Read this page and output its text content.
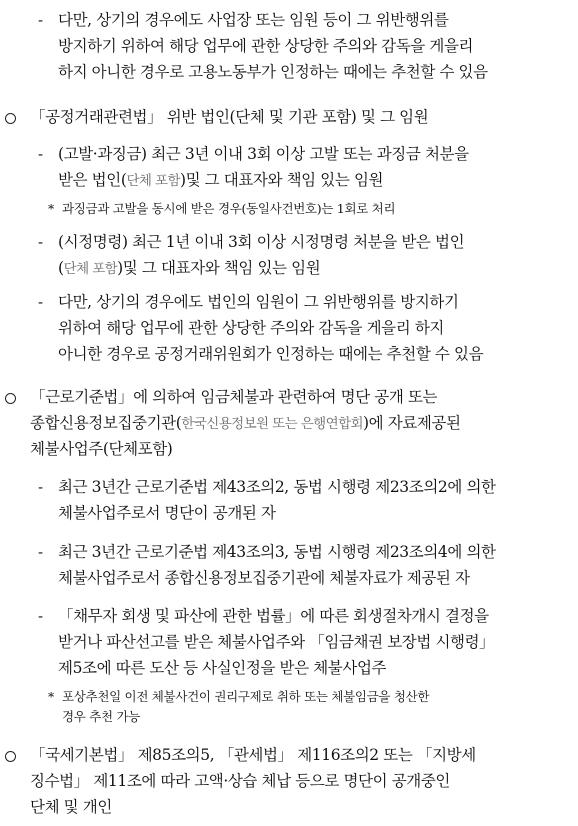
- 다만, 상기의 경우에도 사업장 또는 임원 등이 그 위반행위를
방지하기 위하여 해당 업무에 관한 상당한 주의와 감독을 게을리
하지 아니한 경우로 고용노동부가 인정하는 때에는 추천할 수 있음
「공정거래관련법」 위반 법인(단체 및 기관 포함) 및 그 임원
- (고발·과징금) 최근 3년 이내 3회 이상 고발 또는 과징금 처분을
받은 법인(단체 포함)및 그 대표자와 책임 있는 임원
* 과징금과 고발을 동시에 받은 경우(동일사건번호)는 1회로 처리
- (시정명령) 최근 1년 이내 3회 이상 시정명령 처분을 받은 법인
(단체 포함)및 그 대표자와 책임 있는 임원
- 다만, 상기의 경우에도 법인의 임원이 그 위반행위를 방지하기
위하여 해당 업무에 관한 상당한 주의와 감독을 게을리 하지
아니한 경우로 공정거래위원회가 인정하는 때에는 추천할 수 있음
「근로기준법」에 의하여 임금체불과 관련하여 명단 공개 또는
종합신용정보집중기관(한국신용정보원 또는 은행연합회)에 자료제공된
체불사업주(단체포함)
- 최근 3년간 근로기준법 제43조의2, 동법 시행령 제23조의2에 의한
체불사업주로서 명단이 공개된 자
- 최근 3년간 근로기준법 제43조의3, 동법 시행령 제23조의4에 의한
체불사업주로서 종합신용정보집중기관에 체불자료가 제공된 자
- 「채무자 회생 및 파산에 관한 법률」에 따른 회생절차개시 결정을
받거나 파산선고를 받은 체불사업주와 「임금채권 보장법 시행령」
제5조에 따른 도산 등 사실인정을 받은 체불사업주
* 포상추천일 이전 체불사건이 권리구제로 취하 또는 체불임금을 청산한
경우 추천 가능
「국세기본법」 제85조의5, 「관세법」 제116조의2 또는 「지방세
징수법」 제11조에 따라 고액·상습 체납 등으로 명단이 공개중인
단체 및 개인
